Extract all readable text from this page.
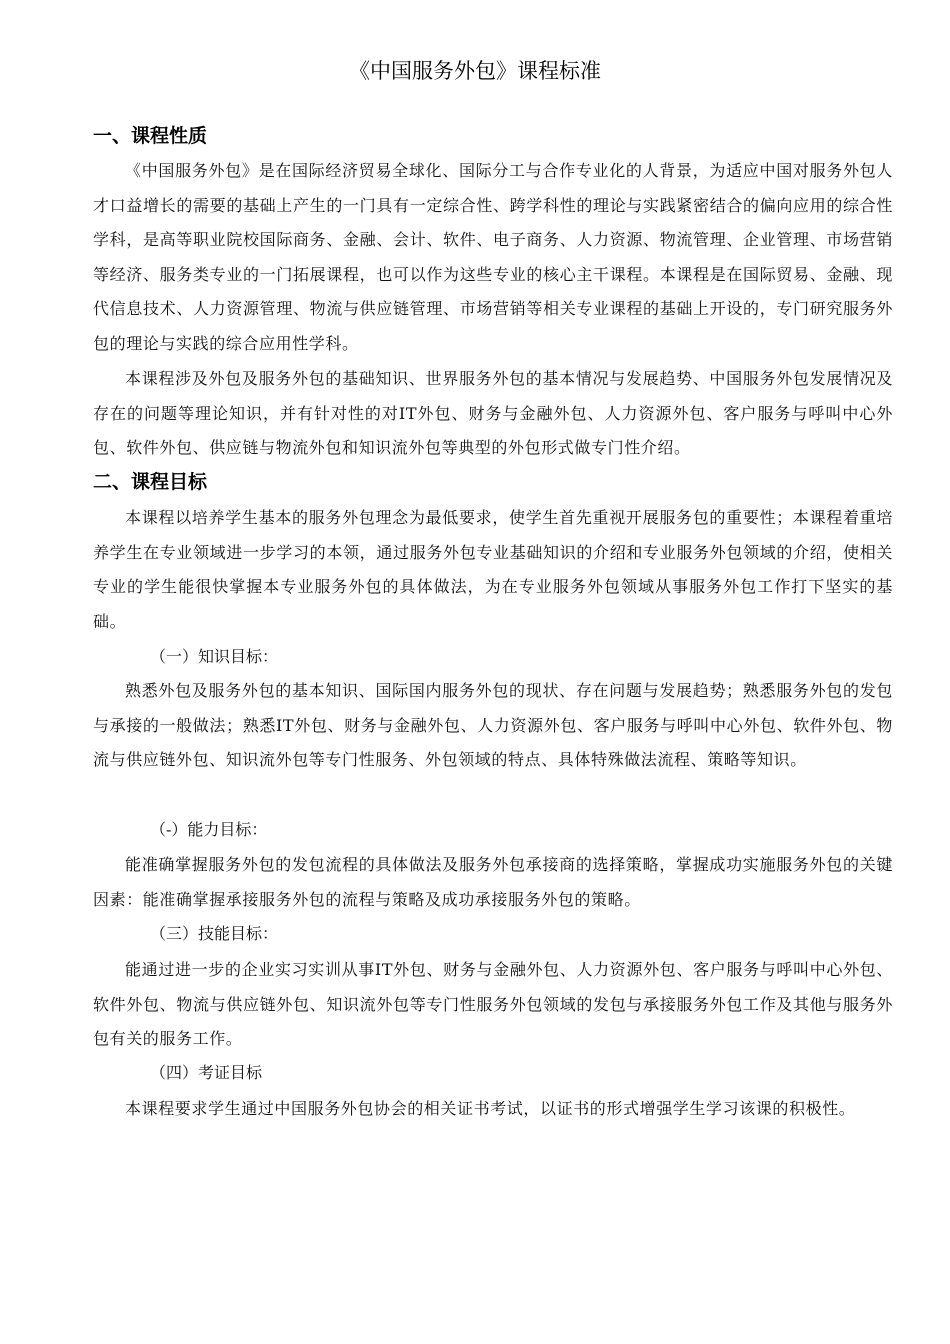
《中国服务外包》课程标准
一、课程性质

《中国服务外包》是在国际经济贸易全球化、国际分工与合作专业化的人背景，为适应中国对服务外包人才口益增长的需要的基础上产生的一门具有一定综合性、跨学科性的理论与实践紧密结合的偏向应用的综合性学科，是高等职业院校国际商务、金融、会计、软件、电子商务、人力资源、物流管理、企业管理、市场营销等经济、服务类专业的一门拓展课程，也可以作为这些专业的核心主干课程。本课程是在国际贸易、金融、现代信息技术、人力资源管理、物流与供应链管理、市场营销等相关专业课程的基础上开设的，专门研究服务外包的理论与实践的综合应用性学科。

本课程涉及外包及服务外包的基础知识、世界服务外包的基本情况与发展趋势、中国服务外包发展情况及存在的问题等理论知识，并有针对性的对IT外包、财务与金融外包、人力资源外包、客户服务与呼叫中心外包、软件外包、供应链与物流外包和知识流外包等典型的外包形式做专门性介绍。

二、课程目标

本课程以培养学生基本的服务外包理念为最低要求，使学生首先重视开展服务包的重要性；本课程着重培养学生在专业领域进一步学习的本领，通过服务外包专业基础知识的介绍和专业服务外包领域的介绍，使相关专业的学生能很快掌握本专业服务外包的具体做法，为在专业服务外包领域从事服务外包工作打下坚实的基础。

（一）知识目标：

熟悉外包及服务外包的基本知识、国际国内服务外包的现状、存在问题与发展趋势；熟悉服务外包的发包与承接的一般做法；熟悉IT外包、财务与金融外包、人力资源外包、客户服务与呼叫中心外包、软件外包、物流与供应链外包、知识流外包等专门性服务、外包领域的特点、具体特殊做法流程、策略等知识。

（-）能力目标：

能准确掌握服务外包的发包流程的具体做法及服务外包承接商的选择策略，掌握成功实施服务外包的关键因素：能准确掌握承接服务外包的流程与策略及成功承接服务外包的策略。

（三）技能目标：

能通过进一步的企业实习实训从事IT外包、财务与金融外包、人力资源外包、客户服务与呼叫中心外包、软件外包、物流与供应链外包、知识流外包等专门性服务外包领域的发包与承接服务外包工作及其他与服务外包有关的服务工作。

（四）考证目标

本课程要求学生通过中国服务外包协会的相关证书考试，以证书的形式增强学生学习该课的积极性。
